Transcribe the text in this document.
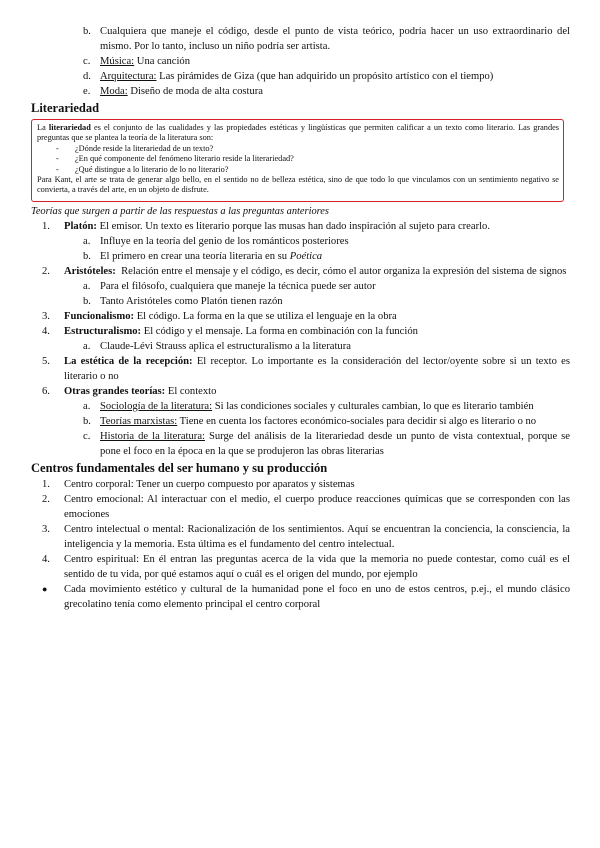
b. Cualquiera que maneje el código, desde el punto de vista teórico, podría hacer un uso extraordinario del mismo. Por lo tanto, incluso un niño podría ser artista.
c. Música: Una canción
d. Arquitectura: Las pirámides de Giza (que han adquirido un propósito artístico con el tiempo)
e. Moda: Diseño de moda de alta costura
Literariedad
La literariedad es el conjunto de las cualidades y las propiedades estéticas y lingüísticas que permiten calificar a un texto como literario. Las grandes preguntas que se plantea la teoría de la literatura son:
- ¿Dónde reside la literariedad de un texto?
- ¿En qué componente del fenómeno literario reside la literariedad?
- ¿Qué distingue a lo literario de lo no literario?
Para Kant, el arte se trata de generar algo bello, en el sentido no de belleza estética, sino de que todo lo que vinculamos con un sentimiento negativo se convierta, a través del arte, en un objeto de disfrute.
Teorías que surgen a partir de las respuestas a las preguntas anteriores
1. Platón: El emisor. Un texto es literario porque las musas han dado inspiración al sujeto para crearlo.
a. Influye en la teoría del genio de los románticos posteriores
b. El primero en crear una teoría literaria en su Poética
2. Aristóteles:  Relación entre el mensaje y el código, es decir, cómo el autor organiza la expresión del sistema de signos
a. Para el filósofo, cualquiera que maneje la técnica puede ser autor
b. Tanto Aristóteles como Platón tienen razón
3. Funcionalismo: El código. La forma en la que se utiliza el lenguaje en la obra
4. Estructuralismo: El código y el mensaje. La forma en combinación con la función
a. Claude-Lévi Strauss aplica el estructuralismo a la literatura
5. La estética de la recepción: El receptor. Lo importante es la consideración del lector/oyente sobre si un texto es literario o no
6. Otras grandes teorías: El contexto
a. Sociología de la literatura: Si las condiciones sociales y culturales cambian, lo que es literario también
b. Teorías marxistas: Tiene en cuenta los factores económico-sociales para decidir si algo es literario o no
c. Historia de la literatura: Surge del análisis de la literariedad desde un punto de vista contextual, porque se pone el foco en la época en la que se produjeron las obras literarias
Centros fundamentales del ser humano y su producción
1. Centro corporal: Tener un cuerpo compuesto por aparatos y sistemas
2. Centro emocional: Al interactuar con el medio, el cuerpo produce reacciones químicas que se corresponden con las emociones
3. Centro intelectual o mental: Racionalización de los sentimientos. Aquí se encuentran la conciencia, la consciencia, la inteligencia y la memoria. Esta última es el fundamento del centro intelectual.
4. Centro espiritual: En él entran las preguntas acerca de la vida que la memoria no puede contestar, como cuál es el sentido de tu vida, por qué estamos aquí o cuál es el origen del mundo, por ejemplo
● Cada movimiento estético y cultural de la humanidad pone el foco en uno de estos centros, p.ej., el mundo clásico grecolatino tenía como elemento principal el centro corporal
